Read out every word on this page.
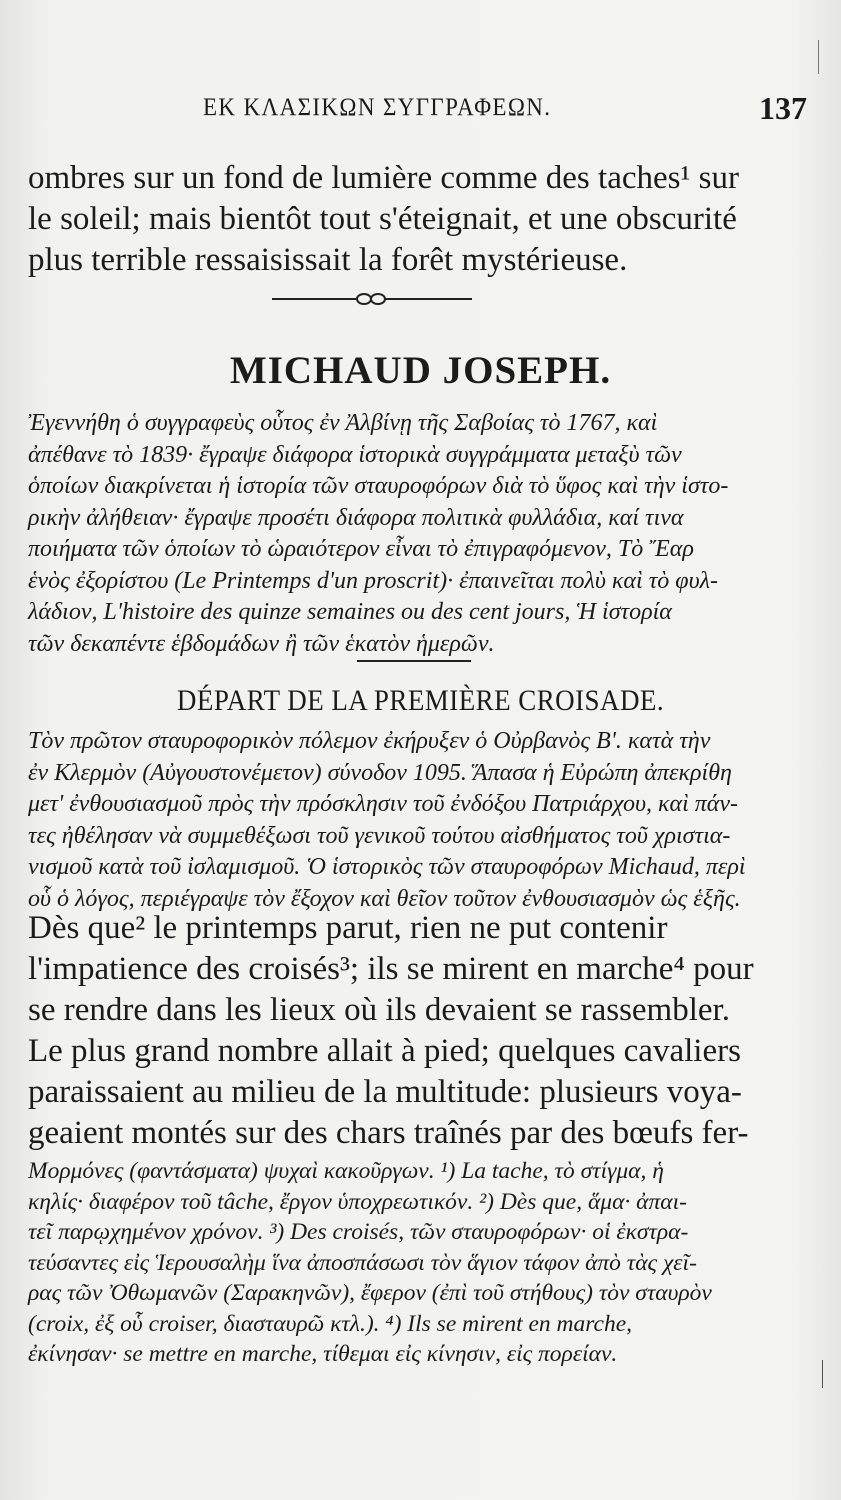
ΕΚ ΚΛΑΣΙΚΩΝ ΣΥΓΓΡΑΦΕΩΝ.	137

ombres sur un fond de lumière comme des taches¹ sur
le soleil; mais bientôt tout s'éteignait, et une obscurité
plus terrible ressaisissait la forêt mystérieuse.

MICHAUD JOSEPH.

Ἐγεννήθη ὁ συγγραφεὺς οὗτος ἐν Ἀλβίνῃ τῆς Σαβοίας τὸ 1767, καὶ
ἀπέθανε τὸ 1839· ἔγραψε διάφορα ἱστορικὰ συγγράμματα μεταξὺ τῶν
ὁποίων διακρίνεται ἡ ἱστορία τῶν σταυροφόρων διὰ τὸ ὕφος καὶ τὴν ἱστο-
ρικὴν ἀλήθειαν· ἔγραψε προσέτι διάφορα πολιτικὰ φυλλάδια, καί τινα
ποιήματα τῶν ὁποίων τὸ ὡραιότερον εἶναι τὸ ἐπιγραφόμενον, Τὸ Ἔαρ
ἑνὸς ἐξορίστου (Le Printemps d'un proscrit)· ἐπαινεῖται πολὺ καὶ τὸ φυλ-
λάδιον, L'histoire des quinze semaines ou des cent jours, Ἡ ἱστορία
τῶν δεκαπέντε ἑβδομάδων ἢ τῶν ἑκατὸν ἡμερῶν.

DÉPART DE LA PREMIÈRE CROISADE.

Τὸν πρῶτον σταυροφορικὸν πόλεμον ἐκήρυξεν ὁ Οὐρβανὸς Β'. κατὰ τὴν
ἐν Κλερμὸν (Αὐγουστονέμετον) σύνοδον 1095. Ἅπασα ἡ Εὐρώπη ἀπεκρίθη
μετ' ἐνθουσιασμοῦ πρὸς τὴν πρόσκλησιν τοῦ ἐνδόξου Πατριάρχου, καὶ πάν-
τες ἠθέλησαν νὰ συμμεθέξωσι τοῦ γενικοῦ τούτου αἰσθήματος τοῦ χριστια-
νισμοῦ κατὰ τοῦ ἰσλαμισμοῦ. Ὁ ἱστορικὸς τῶν σταυροφόρων Michaud, περὶ
οὗ ὁ λόγος, περιέγραψε τὸν ἔξοχον καὶ θεῖον τοῦτον ἐνθουσιασμὸν ὡς ἑξῆς.

Dès que² le printemps parut, rien ne put contenir
l'impatience des croisés³; ils se mirent en marche⁴ pour
se rendre dans les lieux où ils devaient se rassembler.
Le plus grand nombre allait à pied; quelques cavaliers
paraissaient au milieu de la multitude: plusieurs voya-
geaient montés sur des chars traînés par des bœufs fer-

Μορμόνες (φαντάσματα) ψυχαὶ κακοῦργων. ¹) La tache, τὸ στίγμα, ἡ
κηλίς· διαφέρον τοῦ tâche, ἔργον ὑποχρεωτικόν. ²) Dès que, ἅμα· ἀπαι-
τεῖ παρῳχημένον χρόνον. ³) Des croisés, τῶν σταυροφόρων· οἱ ἐκστρα-
τεύσαντες εἰς Ἱερουσαλὴμ ἵνα ἀποσπάσωσι τὸν ἅγιον τάφον ἀπὸ τὰς χεῖ-
ρας τῶν Ὀθωμανῶν (Σαρακηνῶν), ἔφερον (ἐπὶ τοῦ στήθους) τὸν σταυρὸν
(croix, ἐξ οὗ croiser, διασταυρῶ κτλ.). ⁴) Ils se mirent en marche,
ἐκίνησαν· se mettre en marche, τίθεμαι εἰς κίνησιν, εἰς πορείαν.
